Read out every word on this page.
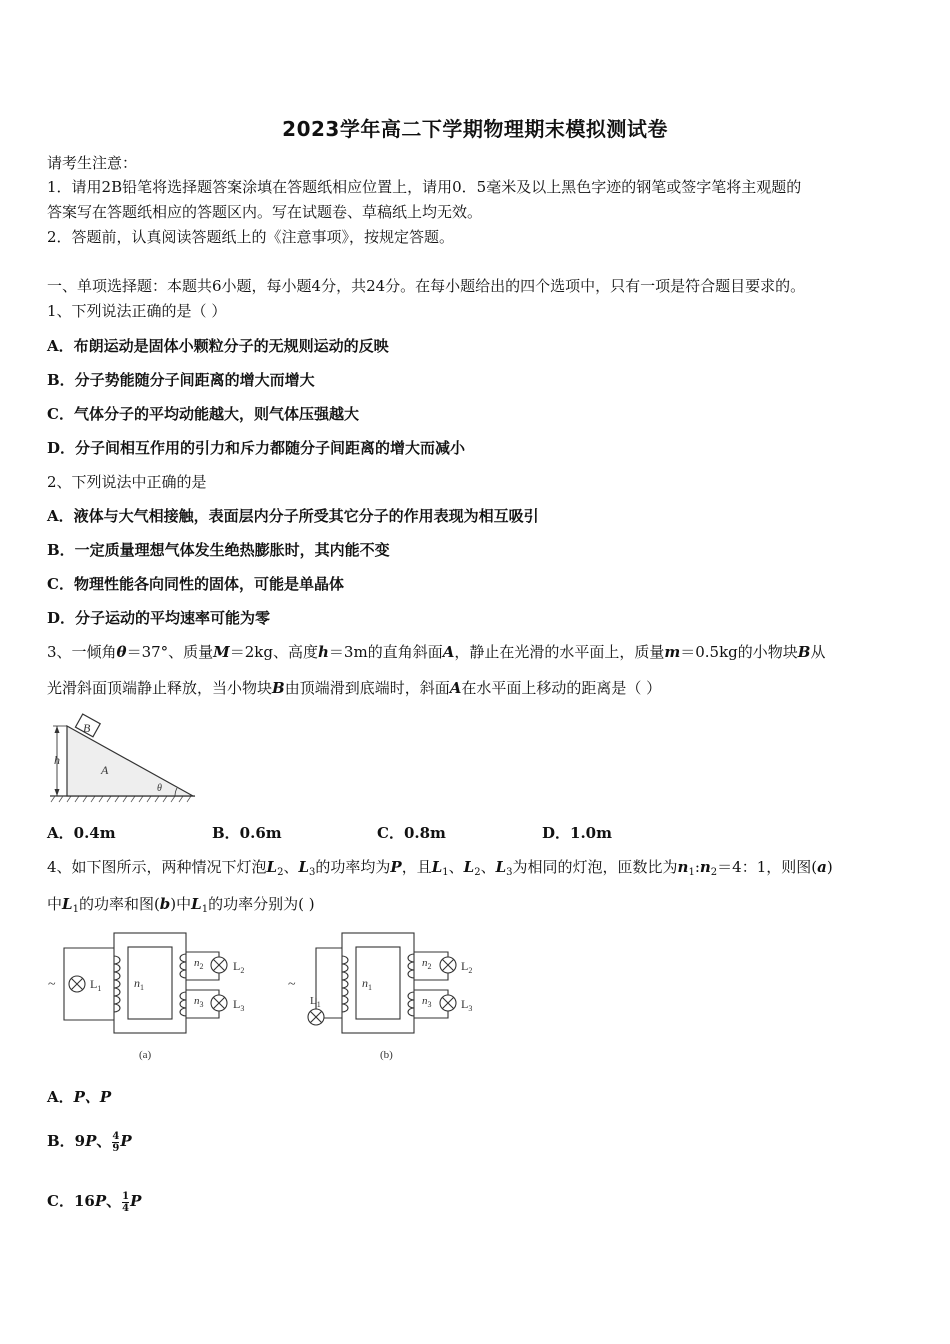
2023学年高二下学期物理期末模拟测试卷
请考生注意：
1．请用2B铅笔将选择题答案涂填在答题纸相应位置上，请用0．5毫米及以上黑色字迹的钢笔或签字笔将主观题的
答案写在答题纸相应的答题区内。写在试题卷、草稿纸上均无效。
2．答题前，认真阅读答题纸上的《注意事项》，按规定答题。
一、单项选择题：本题共6小题，每小题4分，共24分。在每小题给出的四个选项中，只有一项是符合题目要求的。
1、下列说法正确的是（ ）
A．布朗运动是固体小颗粒分子的无规则运动的反映
B．分子势能随分子间距离的增大而增大
C．气体分子的平均动能越大，则气体压强越大
D．分子间相互作用的引力和斥力都随分子间距离的增大而减小
2、下列说法中正确的是
A．液体与大气相接触，表面层内分子所受其它分子的作用表现为相互吸引
B．一定质量理想气体发生绝热膨胀时，其内能不变
C．物理性能各向同性的固体，可能是单晶体
D．分子运动的平均速率可能为零
3、一倾角θ＝37°、质量M＝2kg、高度h＝3m的直角斜面A，静止在光滑的水平面上，质量m＝0.5kg的小物块B从
光滑斜面顶端静止释放，当小物块B由顶端滑到底端时，斜面A在水平面上移动的距离是（ ）
B
h
A
θ
A．0.4m	B．0.6m	C．0.8m	D．1.0m
4、如下图所示，两种情况下灯泡$L_2$、$L_3$的功率均为P，且$L_1$、$L_2$、$L_3$为相同的灯泡，匝数比为$n_1:n_2=4$：1，则图(a)
中$L_1$的功率和图(b)中$L_1$的功率分别为( )
~	$L_1$	$n_1$
$n_2$
$n_3$
$L_2$
$L_3$
(a)
~
$L_1$
$n_1$
$n_2$
$n_3$
$L_2$
$L_3$
(b)
A．P、P
B．9P、 $\frac{4}{9}$ P
C．16P、 $\frac{1}{4}$ P
